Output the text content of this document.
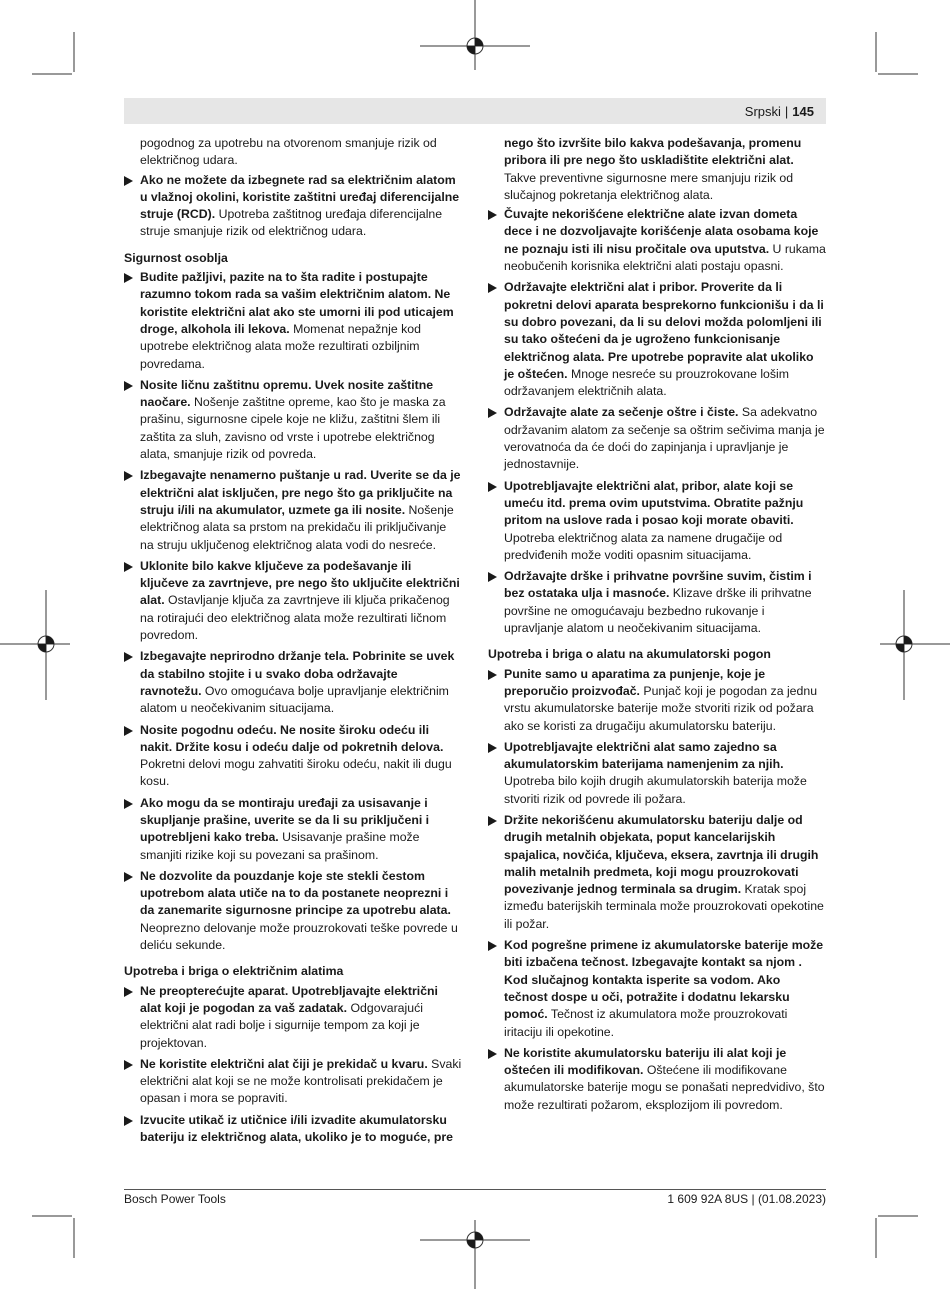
Srpski | 145

pogodnog za upotrebu na otvorenom smanjuje rizik od električnog udara.

Ako ne možete da izbegnete rad sa električnim alatom u vlažnoj okolini, koristite zaštitni uređaj diferencijalne struje (RCD). Upotreba zaštitnog uređaja diferencijalne struje smanjuje rizik od električnog udara.

Sigurnost osoblja

Budite pažljivi, pazite na to šta radite i postupajte razumno tokom rada sa vašim električnim alatom. Ne koristite električni alat ako ste umorni ili pod uticajem droge, alkohola ili lekova. Momenat nepažnje kod upotrebe električnog alata može rezultirati ozbiljnim povredama.
Nosite ličnu zaštitnu opremu. Uvek nosite zaštitne naočare. Nošenje zaštitne opreme, kao što je maska za prašinu, sigurnosne cipele koje ne kližu, zaštitni šlem ili zaštita za sluh, zavisno od vrste i upotrebe električnog alata, smanjuje rizik od povreda.
Izbegavajte nenamerno puštanje u rad. Uverite se da je električni alat isključen, pre nego što ga priključite na struju i/ili na akumulator, uzmete ga ili nosite. Nošenje električnog alata sa prstom na prekidaču ili priključivanje na struju uključenog električnog alata vodi do nesreće.
Uklonite bilo kakve ključeve za podešavanje ili ključeve za zavrtnjeve, pre nego što uključite električni alat. Ostavljanje ključa za zavrtnjeve ili ključa prikačenog na rotirajući deo električnog alata može rezultirati ličnom povredom.
Izbegavajte neprirodno držanje tela. Pobrinite se uvek da stabilno stojite i u svako doba održavajte ravnotežu. Ovo omogućava bolje upravljanje električnim alatom u neočekivanim situacijama.
Nosite pogodnu odeću. Ne nosite široku odeću ili nakit. Držite kosu i odeću dalje od pokretnih delova. Pokretni delovi mogu zahvatiti široku odeću, nakit ili dugu kosu.
Ako mogu da se montiraju uređaji za usisavanje i skupljanje prašine, uverite se da li su priključeni i upotrebljeni kako treba. Usisavanje prašine može smanjiti rizike koji su povezani sa prašinom.
Ne dozvolite da pouzdanje koje ste stekli čestom upotrebom alata utiče na to da postanete neoprezni i da zanemarite sigurnosne principe za upotrebu alata. Neoprezno delovanje može prouzrokovati teške povrede u deliću sekunde.

Upotreba i briga o električnim alatima

Ne preopterećujte aparat. Upotrebljavajte električni alat koji je pogodan za vaš zadatak. Odgovarajući električni alat radi bolje i sigurnije tempom za koji je projektovan.
Ne koristite električni alat čiji je prekidač u kvaru. Svaki električni alat koji se ne može kontrolisati prekidačem je opasan i mora se popraviti.
Izvucite utikač iz utičnice i/ili izvadite akumulatorsku bateriju iz električnog alata, ukoliko je to moguće, pre

nego što izvršite bilo kakva podešavanja, promenu pribora ili pre nego što uskladištite električni alat. Takve preventivne sigurnosne mere smanjuju rizik od slučajnog pokretanja električnog alata.

Čuvajte nekorišćene električne alate izvan dometa dece i ne dozvoljavajte korišćenje alata osobama koje ne poznaju isti ili nisu pročitale ova uputstva. U rukama neobučenih korisnika električni alati postaju opasni.
Održavajte električni alat i pribor. Proverite da li pokretni delovi aparata besprekorno funkcionišu i da li su dobro povezani, da li su delovi možda polomljeni ili su tako oštećeni da je ugroženo funkcionisanje električnog alata. Pre upotrebe popravite alat ukoliko je oštećen. Mnoge nesreće su prouzrokovane lošim održavanjem električnih alata.
Održavajte alate za sečenje oštre i čiste. Sa adekvatno održavanim alatom za sečenje sa oštrim sečivima manja je verovatnoća da će doći do zapinjanja i upravljanje je jednostavnije.
Upotrebljavajte električni alat, pribor, alate koji se umeću itd. prema ovim uputstvima. Obratite pažnju pritom na uslove rada i posao koji morate obaviti. Upotreba električnog alata za namene drugačije od predviđenih može voditi opasnim situacijama.
Održavajte drške i prihvatne površine suvim, čistim i bez ostataka ulja i masnoće. Klizave drške ili prihvatne površine ne omogućavaju bezbedno rukovanje i upravljanje alatom u neočekivanim situacijama.

Upotreba i briga o alatu na akumulatorski pogon

Punite samo u aparatima za punjenje, koje je preporučio proizvođač. Punjač koji je pogodan za jednu vrstu akumulatorske baterije može stvoriti rizik od požara ako se koristi za drugačiju akumulatorsku bateriju.
Upotrebljavajte električni alat samo zajedno sa akumulatorskim baterijama namenjenim za njih. Upotreba bilo kojih drugih akumulatorskih baterija može stvoriti rizik od povrede ili požara.
Držite nekorišćenu akumulatorsku bateriju dalje od drugih metalnih objekata, poput kancelarijskih spajalica, novčića, ključeva, eksera, zavrtnja ili drugih malih metalnih predmeta, koji mogu prouzrokovati povezivanje jednog terminala sa drugim. Kratak spoj između baterijskih terminala može prouzrokovati opekotine ili požar.
Kod pogrešne primene iz akumulatorske baterije može biti izbačena tečnost. Izbegavajte kontakt sa njom . Kod slučajnog kontakta isperite sa vodom. Ako tečnost dospe u oči, potražite i dodatnu lekarsku pomoć. Tečnost iz akumulatora može prouzrokovati iritaciju ili opekotine.
Ne koristite akumulatorsku bateriju ili alat koji je oštećen ili modifikovan. Oštećene ili modifikovane akumulatorske baterije mogu se ponašati nepredvidivo, što može rezultirati požarom, eksplozijom ili povredom.
Bosch Power Tools	1 609 92A 8US | (01.08.2023)
